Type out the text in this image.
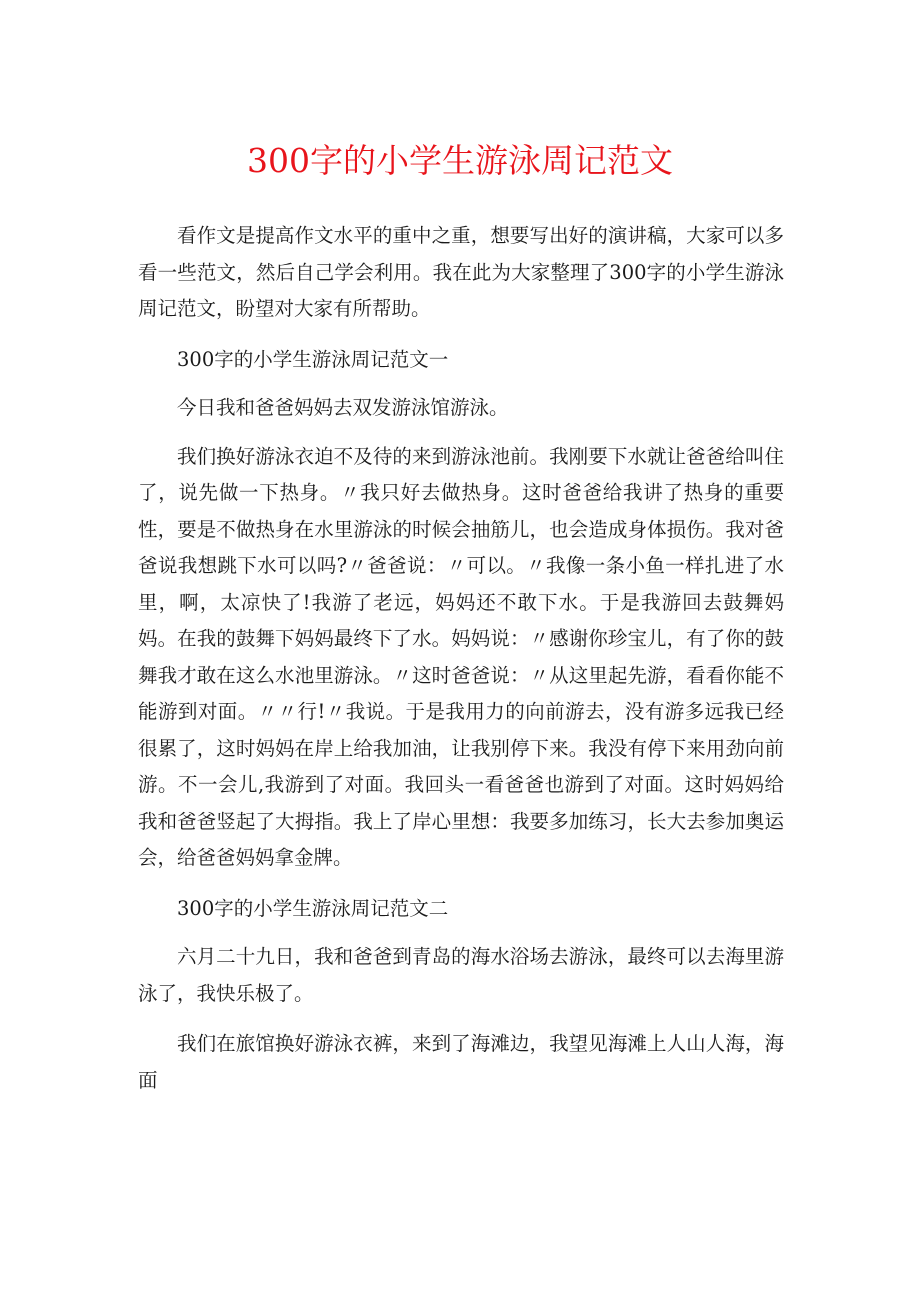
300字的小学生游泳周记范文

看作文是提高作文水平的重中之重，想要写出好的演讲稿，大家可以多看一些范文，然后自己学会利用。我在此为大家整理了300字的小学生游泳周记范文，盼望对大家有所帮助。

300字的小学生游泳周记范文一

今日我和爸爸妈妈去双发游泳馆游泳。

我们换好游泳衣迫不及待的来到游泳池前。我刚要下水就让爸爸给叫住了，说先做一下热身。〃我只好去做热身。这时爸爸给我讲了热身的重要性，要是不做热身在水里游泳的时候会抽筋儿，也会造成身体损伤。我对爸爸说我想跳下水可以吗?〃爸爸说：〃可以。〃我像一条小鱼一样扎进了水里，啊，太凉快了!我游了老远，妈妈还不敢下水。于是我游回去鼓舞妈妈。在我的鼓舞下妈妈最终下了水。妈妈说：〃感谢你珍宝儿，有了你的鼓舞我才敢在这么水池里游泳。〃这时爸爸说：〃从这里起先游，看看你能不能游到对面。〃〃行!〃我说。于是我用力的向前游去，没有游多远我已经很累了，这时妈妈在岸上给我加油，让我别停下来。我没有停下来用劲向前游。不一会儿,我游到了对面。我回头一看爸爸也游到了对面。这时妈妈给我和爸爸竖起了大拇指。我上了岸心里想：我要多加练习，长大去参加奥运会，给爸爸妈妈拿金牌。

300字的小学生游泳周记范文二

六月二十九日，我和爸爸到青岛的海水浴场去游泳，最终可以去海里游泳了，我快乐极了。

我们在旅馆换好游泳衣裤，来到了海滩边，我望见海滩上人山人海，海面
